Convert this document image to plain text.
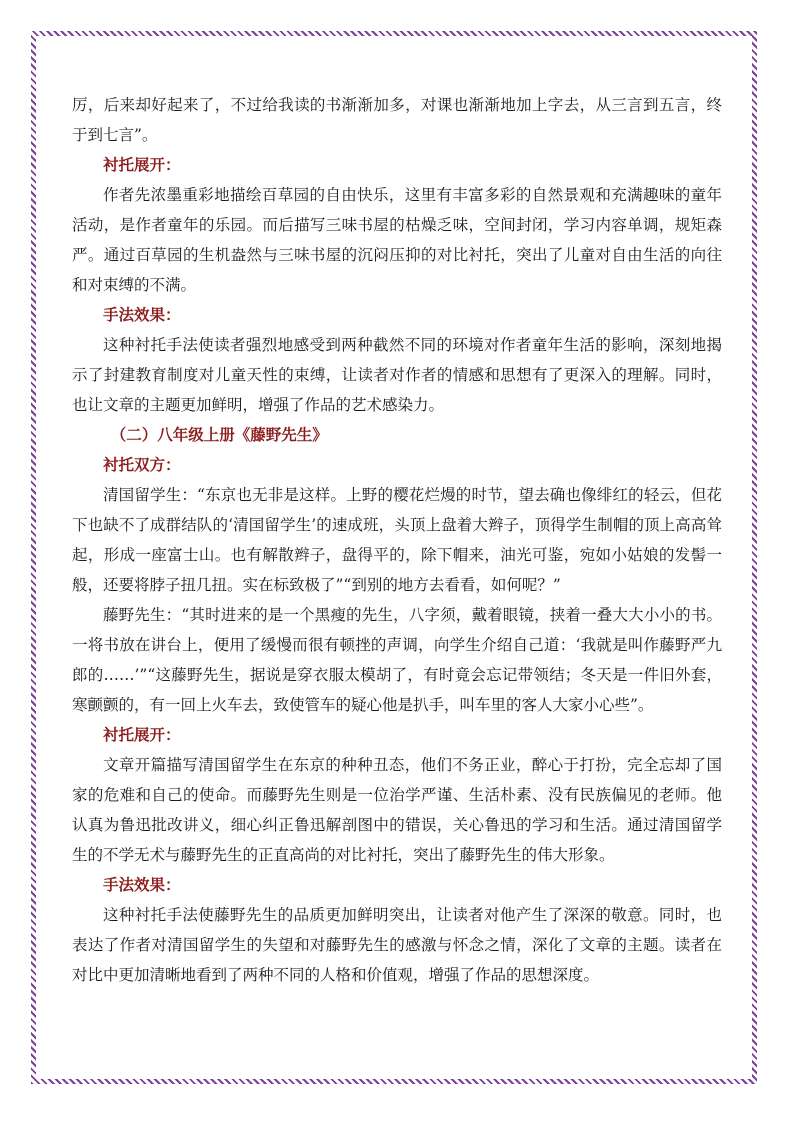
厉，后来却好起来了，不过给我读的书渐渐加多，对课也渐渐地加上字去，从三言到五言，终于到七言”。

衬托展开：

作者先浓墨重彩地描绘百草园的自由快乐，这里有丰富多彩的自然景观和充满趣味的童年活动，是作者童年的乐园。而后描写三味书屋的枯燥乏味，空间封闭，学习内容单调，规矩森严。通过百草园的生机盎然与三味书屋的沉闷压抑的对比衬托，突出了儿童对自由生活的向往和对束缚的不满。

手法效果：

这种衬托手法使读者强烈地感受到两种截然不同的环境对作者童年生活的影响，深刻地揭示了封建教育制度对儿童天性的束缚，让读者对作者的情感和思想有了更深入的理解。同时，也让文章的主题更加鲜明，增强了作品的艺术感染力。

（二）八年级上册《藤野先生》

衬托双方：

清国留学生：“东京也无非是这样。上野的樱花烂熳的时节，望去确也像绯红的轻云，但花下也缺不了成群结队的‘清国留学生’的速成班，头顶上盘着大辫子，顶得学生制帽的顶上高高耸起，形成一座富士山。也有解散辫子，盘得平的，除下帽来，油光可鉴，宛如小姑娘的发髻一般，还要将脖子扭几扭。实在标致极了”“到别的地方去看看，如何呢？”

藤野先生：“其时进来的是一个黑瘦的先生，八字须，戴着眼镜，挟着一叠大大小小的书。一将书放在讲台上，便用了缓慢而很有顿挫的声调，向学生介绍自己道：‘我就是叫作藤野严九郎的……’”“这藤野先生，据说是穿衣服太模胡了，有时竟会忘记带领结；冬天是一件旧外套，寒颤颤的，有一回上火车去，致使管车的疑心他是扒手，叫车里的客人大家小心些”。

衬托展开：

文章开篇描写清国留学生在东京的种种丑态，他们不务正业，醉心于打扮，完全忘却了国家的危难和自己的使命。而藤野先生则是一位治学严谨、生活朴素、没有民族偏见的老师。他认真为鲁迅批改讲义，细心纠正鲁迅解剖图中的错误，关心鲁迅的学习和生活。通过清国留学生的不学无术与藤野先生的正直高尚的对比衬托，突出了藤野先生的伟大形象。

手法效果：

这种衬托手法使藤野先生的品质更加鲜明突出，让读者对他产生了深深的敬意。同时，也表达了作者对清国留学生的失望和对藤野先生的感激与怀念之情，深化了文章的主题。读者在对比中更加清晰地看到了两种不同的人格和价值观，增强了作品的思想深度。
